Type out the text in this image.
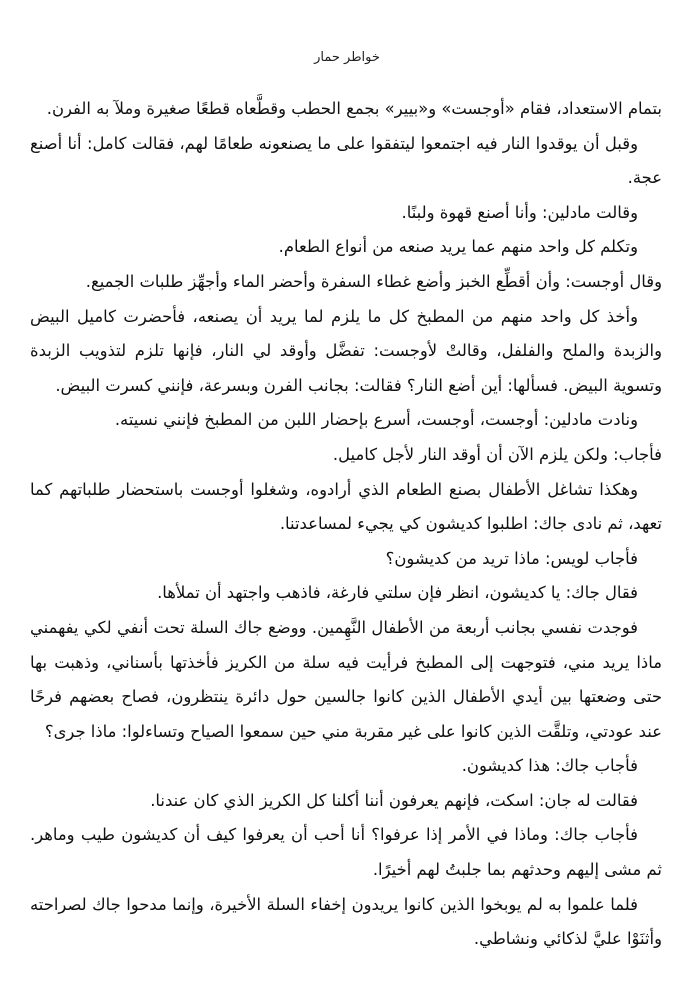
خواطر حمار

بتمام الاستعداد، فقام «أوجست» و«بيير» بجمع الحطب وقطَّعاه قطعًا صغيرة وملآ به الفرن.

وقبل أن يوقدوا النار فيه اجتمعوا ليتفقوا على ما يصنعونه طعامًا لهم، فقالت كامل: أنا أصنع عجة.

وقالت مادلين: وأنا أصنع قهوة ولبنًا.

وتكلم كل واحد منهم عما يريد صنعه من أنواع الطعام.

وقال أوجست: وأن أقطِّع الخبز وأضع غطاء السفرة وأحضر الماء وأجهِّز طلبات الجميع.

وأخذ كل واحد منهم من المطبخ كل ما يلزم لما يريد أن يصنعه، فأحضرت كاميل البيض والزبدة والملح والفلفل، وقالتْ لأوجست: تفضَّل وأوقد لي النار، فإنها تلزم لتذويب الزبدة وتسوية البيض. فسألها: أين أضع النار؟ فقالت: بجانب الفرن وبسرعة، فإنني كسرت البيض.

ونادت مادلين: أوجست، أوجست، أسرع بإحضار اللبن من المطبخ فإنني نسيته.

فأجاب: ولكن يلزم الآن أن أوقد النار لأجل كاميل.

وهكذا تشاغل الأطفال بصنع الطعام الذي أرادوه، وشغلوا أوجست باستحضار طلباتهم كما تعهد، ثم نادى جاك: اطلبوا كديشون كي يجيء لمساعدتنا.

فأجاب لويس: ماذا تريد من كديشون؟

فقال جاك: يا كديشون، انظر فإن سلتي فارغة، فاذهب واجتهد أن تملأها.

فوجدت نفسي بجانب أربعة من الأطفال النَّهِمين. ووضع جاك السلة تحت أنفي لكي يفهمني ماذا يريد مني، فتوجهت إلى المطبخ فرأيت فيه سلة من الكريز فأخذتها بأسناني، وذهبت بها حتى وضعتها بين أيدي الأطفال الذين كانوا جالسين حول دائرة ينتظرون، فصاح بعضهم فرحًا عند عودتي، وتلقَّت الذين كانوا على غير مقربة مني حين سمعوا الصياح وتساءلوا: ماذا جرى؟

فأجاب جاك: هذا كديشون.

فقالت له جان: اسكت، فإنهم يعرفون أننا أكلنا كل الكريز الذي كان عندنا.

فأجاب جاك: وماذا في الأمر إذا عرفوا؟ أنا أحب أن يعرفوا كيف أن كديشون طيب وماهر. ثم مشى إليهم وحدثهم بما جلبتُ لهم أخيرًا.

فلما علموا به لم يوبخوا الذين كانوا يريدون إخفاء السلة الأخيرة، وإنما مدحوا جاك لصراحته وأثنَوْا عليَّ لذكائي ونشاطي.
